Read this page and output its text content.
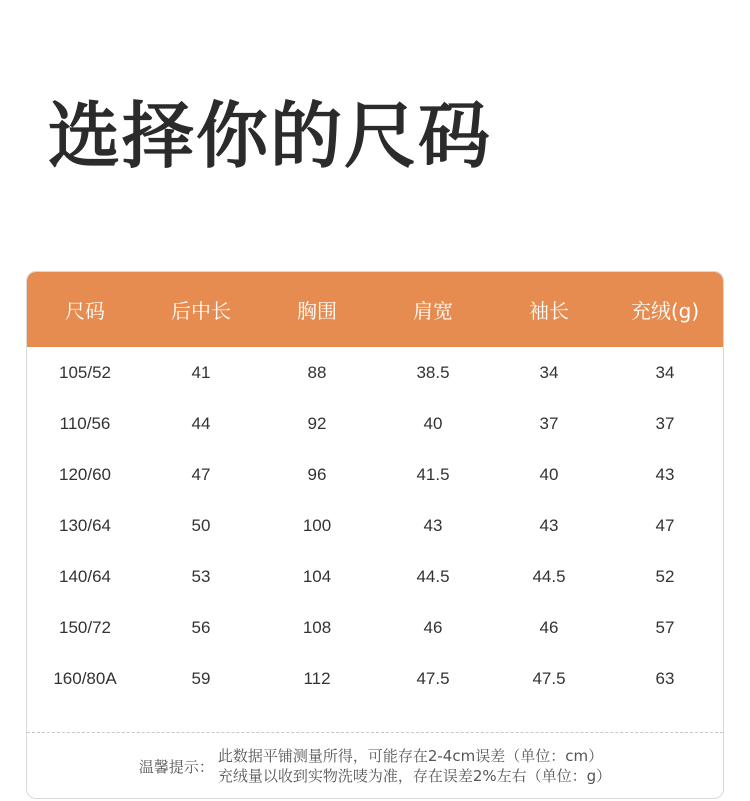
选择你的尺码
尺码	后中长	胸围	肩宽	袖长	充绒(g)
105/52	41	88	38.5	34	34
110/56	44	92	40	37	37
120/60	47	96	41.5	40	43
130/64	50	100	43	43	47
140/64	53	104	44.5	44.5	52
150/72	56	108	46	46	57
160/80A	59	112	47.5	47.5	63
温馨提示：
此数据平铺测量所得，可能存在2-4cm误差（单位：cm）
充绒量以收到实物洗唛为准，存在误差2%左右（单位：g）
